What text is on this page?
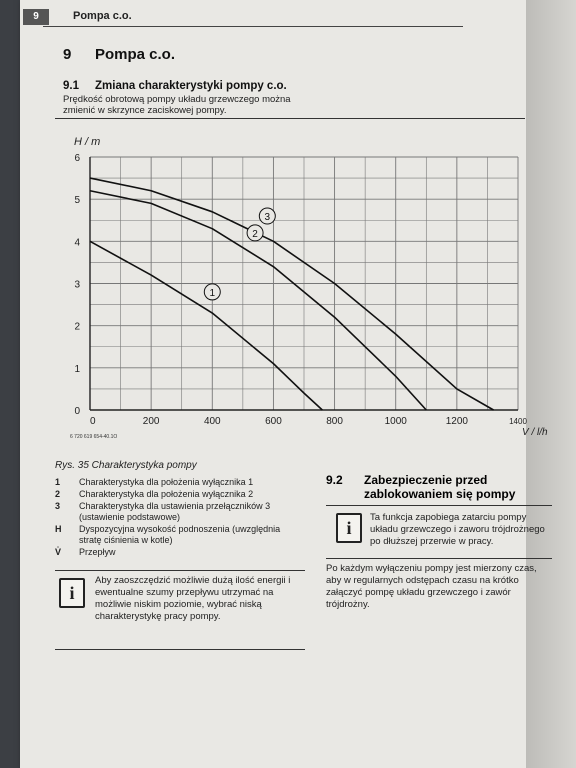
9	Pompa c.o.
9 Pompa c.o.
9.1 Zmiana charakterystyki pompy c.o.
Prędkość obrotową pompy układu grzewczego można zmienić w skrzynce zaciskowej pompy.
0	200	400	600	800	1000	1200	1400
0
1
2
3
4
5
6
H / m
V / l/h
6 720 619 654-40.1O
1
2
3
Rys. 35 Charakterystyka pompy
1	Charakterystyka dla położenia wyłącznika 1
2	Charakterystyka dla położenia wyłącznika 2
3	Charakterystyka dla ustawienia przełączników 3 (ustawienie podstawowe)
H	Dyspozycyjna wysokość podnoszenia (uwzględnia stratę ciśnienia w kotle)
V̇	Przepływ
i
Aby zaoszczędzić możliwie dużą ilość energii i ewentualne szumy przepływu utrzymać na możliwie niskim poziomie, wybrać niską charakterystykę pracy pompy.
9.2 Zabezpieczenie przed zablokowaniem się pompy
i
Ta funkcja zapobiega zatarciu pompy układu grzewczego i zaworu trójdrożnego po dłuższej przerwie w pracy.
Po każdym wyłączeniu pompy jest mierzony czas, aby w regularnych odstępach czasu na krótko załączyć pompę układu grzewczego i zawór trójdrożny.
